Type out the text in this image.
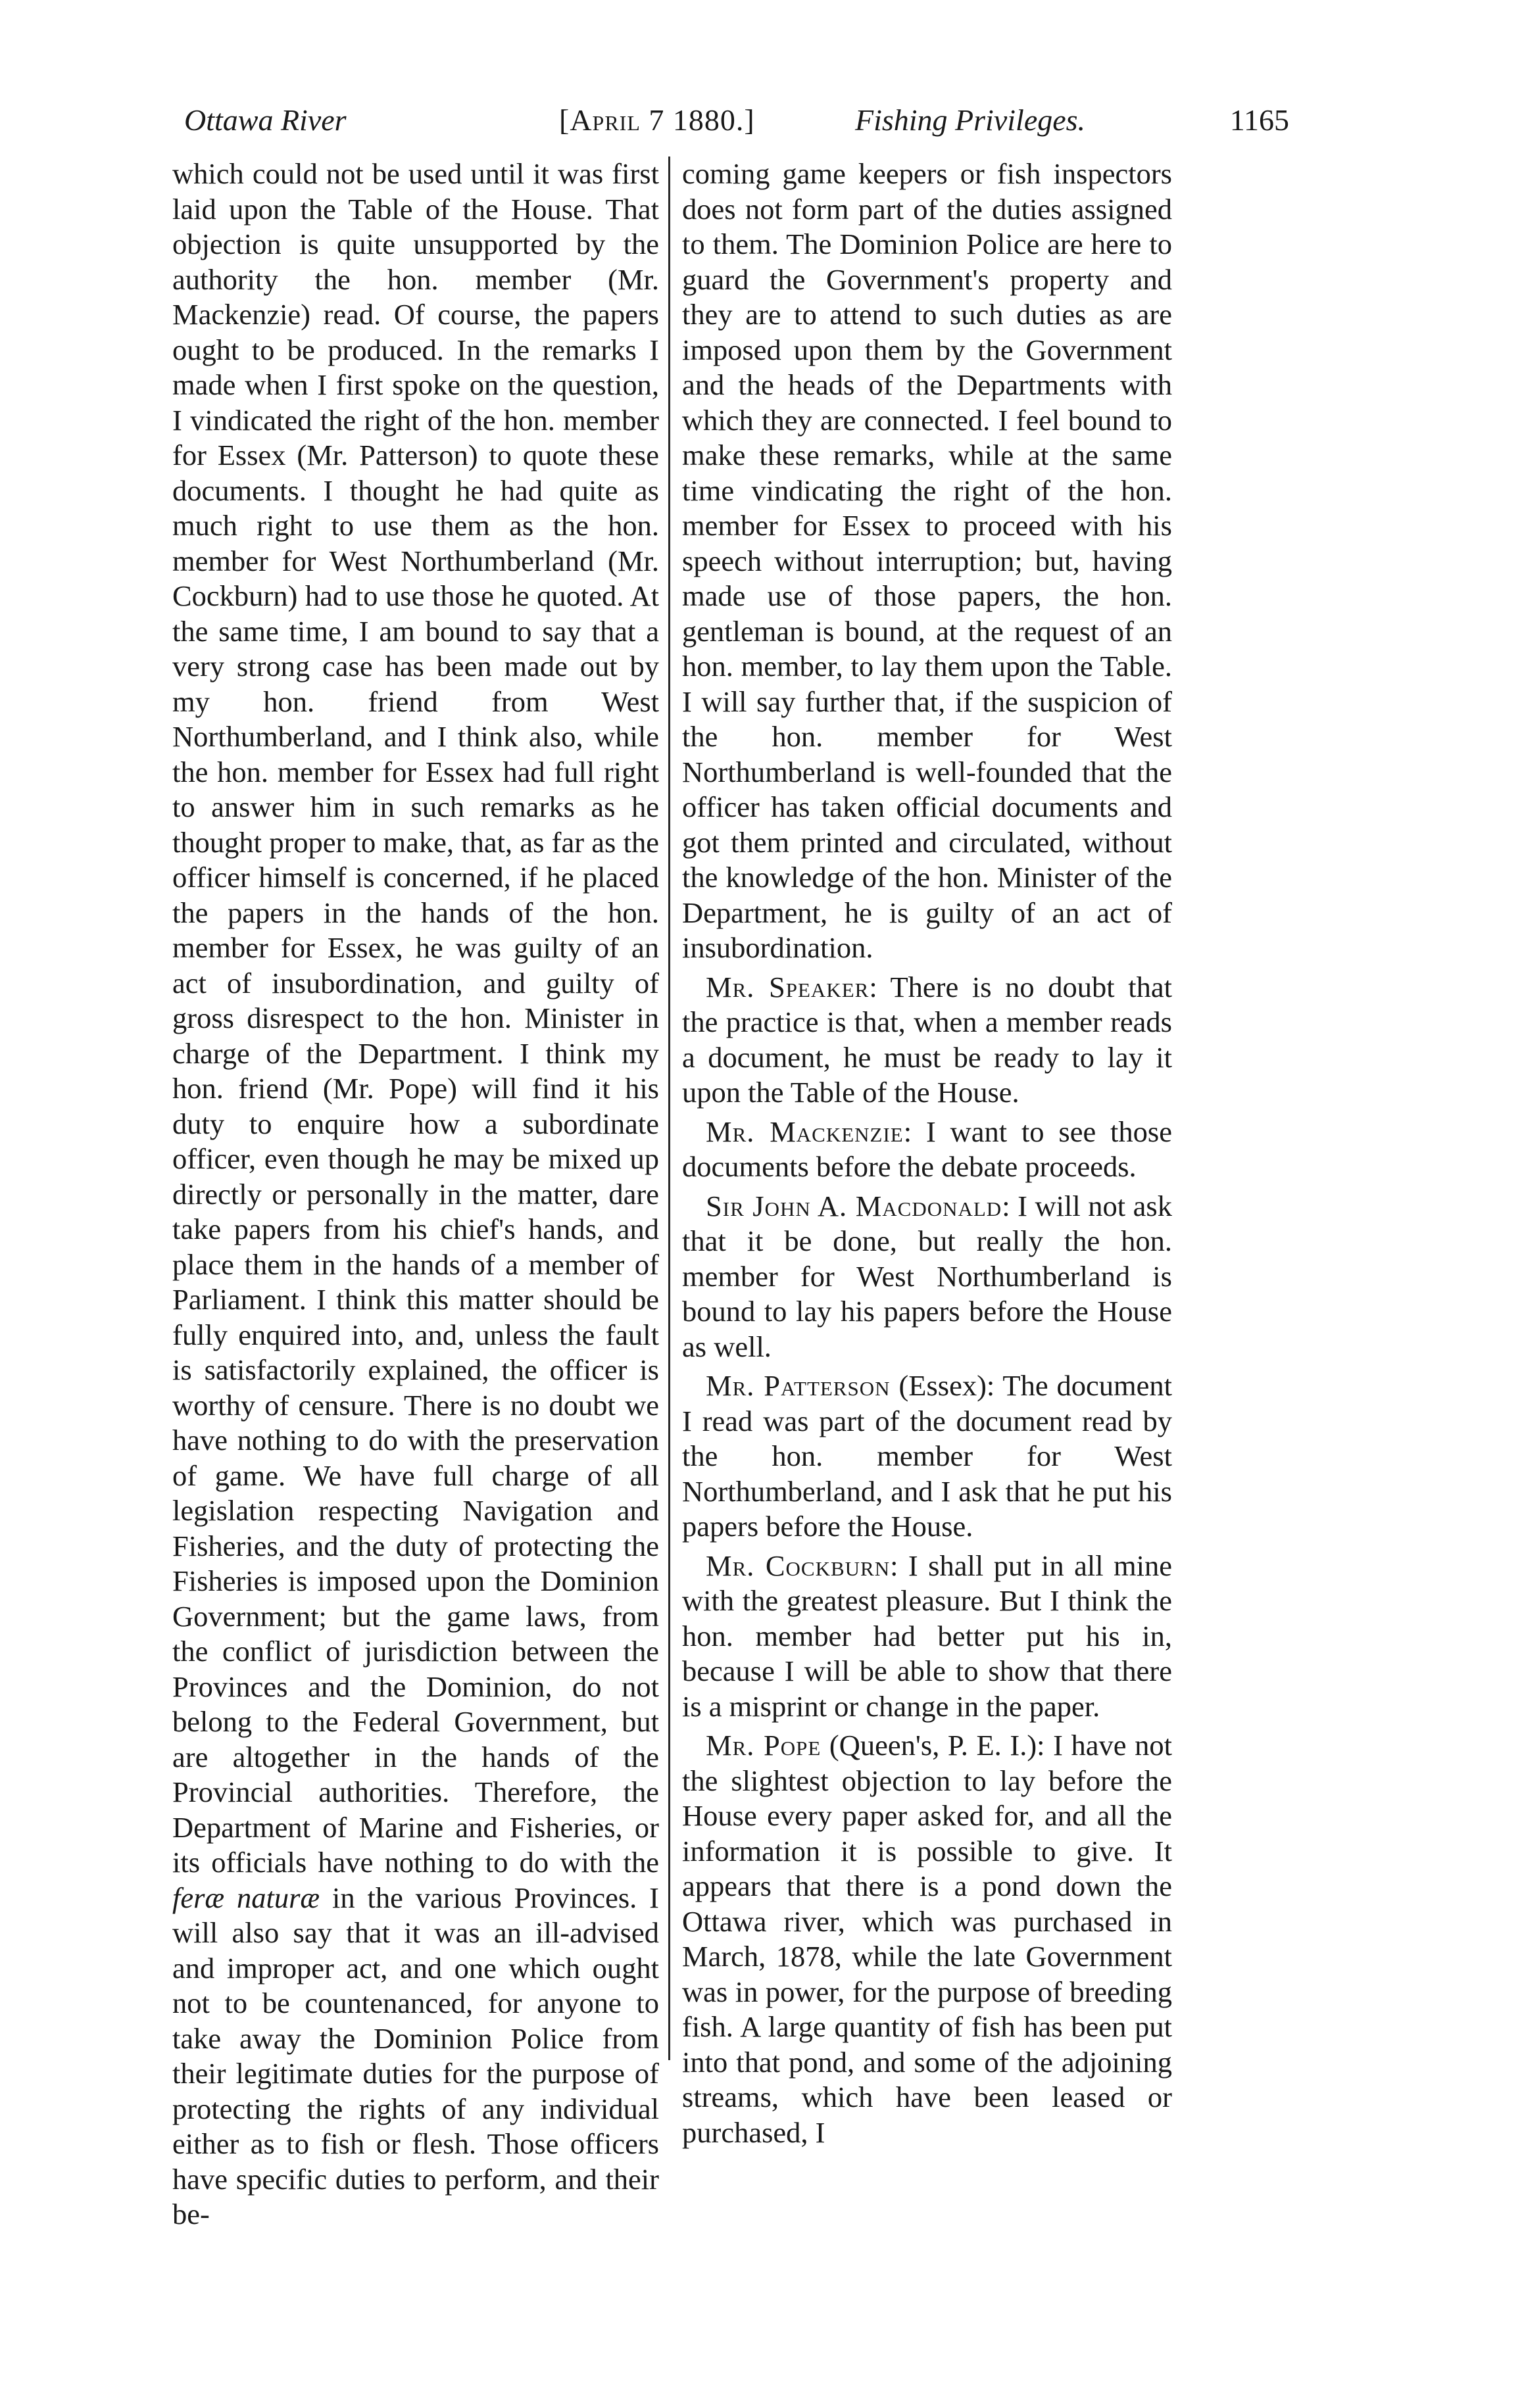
Ottawa River	[April 7 1880.]	Fishing Privileges.	1165

which could not be used until it was first laid upon the Table of the House. That objection is quite unsupported by the authority the hon. member (Mr. Mackenzie) read. Of course, the papers ought to be produced. In the remarks I made when I first spoke on the question, I vindicated the right of the hon. member for Essex (Mr. Patterson) to quote these documents. I thought he had quite as much right to use them as the hon. member for West Northumberland (Mr. Cockburn) had to use those he quoted. At the same time, I am bound to say that a very strong case has been made out by my hon. friend from West Northumberland, and I think also, while the hon. member for Essex had full right to answer him in such remarks as he thought proper to make, that, as far as the officer himself is concerned, if he placed the papers in the hands of the hon. member for Essex, he was guilty of an act of insubordination, and guilty of gross disrespect to the hon. Minister in charge of the Department. I think my hon. friend (Mr. Pope) will find it his duty to enquire how a subordinate officer, even though he may be mixed up directly or personally in the matter, dare take papers from his chief's hands, and place them in the hands of a member of Parliament. I think this matter should be fully enquired into, and, unless the fault is satisfactorily explained, the officer is worthy of censure. There is no doubt we have nothing to do with the preservation of game. We have full charge of all legislation respecting Navigation and Fisheries, and the duty of protecting the Fisheries is imposed upon the Dominion Government; but the game laws, from the conflict of jurisdiction between the Provinces and the Dominion, do not belong to the Federal Government, but are altogether in the hands of the Provincial authorities. Therefore, the Department of Marine and Fisheries, or its officials have nothing to do with the feræ naturæ in the various Provinces. I will also say that it was an ill-advised and improper act, and one which ought not to be countenanced, for anyone to take away the Dominion Police from their legitimate duties for the purpose of protecting the rights of any individual either as to fish or flesh. Those officers have specific duties to perform, and their be-

coming game keepers or fish inspectors does not form part of the duties assigned to them. The Dominion Police are here to guard the Government's property and they are to attend to such duties as are imposed upon them by the Government and the heads of the Departments with which they are connected. I feel bound to make these remarks, while at the same time vindicating the right of the hon. member for Essex to proceed with his speech without interruption; but, having made use of those papers, the hon. gentleman is bound, at the request of an hon. member, to lay them upon the Table. I will say further that, if the suspicion of the hon. member for West Northumberland is well-founded that the officer has taken official documents and got them printed and circulated, without the knowledge of the hon. Minister of the Department, he is guilty of an act of insubordination.

Mr. Speaker: There is no doubt that the practice is that, when a member reads a document, he must be ready to lay it upon the Table of the House.

Mr. Mackenzie: I want to see those documents before the debate proceeds.

Sir John A. Macdonald: I will not ask that it be done, but really the hon. member for West Northumberland is bound to lay his papers before the House as well.

Mr. Patterson (Essex): The document I read was part of the document read by the hon. member for West Northumberland, and I ask that he put his papers before the House.

Mr. Cockburn: I shall put in all mine with the greatest pleasure. But I think the hon. member had better put his in, because I will be able to show that there is a misprint or change in the paper.

Mr. Pope (Queen's, P. E. I.): I have not the slightest objection to lay before the House every paper asked for, and all the information it is possible to give. It appears that there is a pond down the Ottawa river, which was purchased in March, 1878, while the late Government was in power, for the purpose of breeding fish. A large quantity of fish has been put into that pond, and some of the adjoining streams, which have been leased or purchased, I
